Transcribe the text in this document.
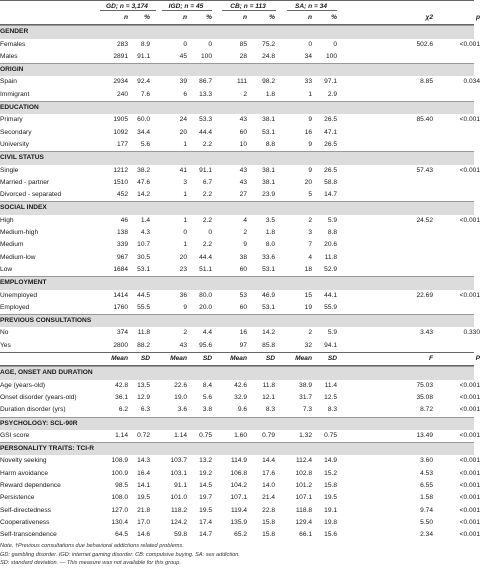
GD; n = 3,174	IGD; n = 45	CB; n = 113	SA; n = 34
n	%	n	%	n	%	n	%	χ2	p
GENDER
Females	283	8.9	0	0	85	75.2	0	0	502.6	<0.001
Males	2891	91.1	45	100	28	24.8	34	100
ORIGIN
Spain	2934	92.4	39	86.7	111	98.2	33	97.1	8.85	0.034
Immigrant	240	7.6	6	13.3	2	1.8	1	2.9
EDUCATION
Primary	1905	60.0	24	53.3	43	38.1	9	26.5	85.40	<0.001
Secondary	1092	34.4	20	44.4	60	53.1	16	47.1
University	177	5.6	1	2.2	10	8.8	9	26.5
CIVIL STATUS
Single	1212	38.2	41	91.1	43	38.1	9	26.5	57.43	<0.001
Married - partner	1510	47.6	3	6.7	43	38.1	20	58.8
Divorced - separated	452	14.2	1	2.2	27	23.9	5	14.7
SOCIAL INDEX
High	46	1.4	1	2.2	4	3.5	2	5.9	24.52	<0.001
Medium-high	138	4.3	0	0	2	1.8	3	8.8
Medium	339	10.7	1	2.2	9	8.0	7	20.6
Medium-low	967	30.5	20	44.4	38	33.6	4	11.8
Low	1684	53.1	23	51.1	60	53.1	18	52.9
EMPLOYMENT
Unemployed	1414	44.5	36	80.0	53	46.9	15	44.1	22.69	<0.001
Employed	1760	55.5	9	20.0	60	53.1	19	55.9
PREVIOUS CONSULTATIONS
No	374	11.8	2	4.4	16	14.2	2	5.9	3.43	0.330
Yes	2800	88.2	43	95.6	97	85.8	32	94.1
Mean	SD	Mean	SD	Mean	SD	Mean	SD	F	P
AGE, ONSET AND DURATION
Age (years-old)	42.8	13.5	22.6	8.4	42.6	11.8	38.9	11.4	75.03	<0.001
Onset disorder (years-old)	36.1	12.9	19.0	5.6	32.9	12.1	31.7	12.5	35.08	<0.001
Duration disorder (yrs)	6.2	6.3	3.6	3.8	9.6	8.3	7.3	8.3	8.72	<0.001
PSYCHOLOGY: SCL-90R
GSI score	1.14	0.72	1.14	0.75	1.60	0.79	1.32	0.75	13.49	<0.001
PERSONALITY TRAITS: TCI-R
Novelty seeking	108.9	14.3	103.7	13.2	114.9	14.4	112.4	14.9	3.60	<0.001
Harm avoidance	100.9	16.4	103.1	19.2	106.8	17.6	102.8	15.2	4.53	<0.001
Reward dependence	98.5	14.1	91.1	14.5	104.2	14.0	101.2	15.8	6.55	<0.001
Persistence	108.0	19.5	101.0	19.7	107.1	21.4	107.1	19.5	1.58	<0.001
Self-directedness	127.0	21.8	118.2	19.5	119.4	22.8	118.8	19.1	9.74	<0.001
Cooperativeness	130.4	17.0	124.2	17.4	135.9	15.8	129.4	19.8	5.50	<0.001
Self-transcendence	64.5	14.6	59.8	14.7	65.2	15.8	66.1	15.6	2.34	<0.001
Note. †Previous consultations due behavioral addictions related problems.
GD: gambling disorder. IGD: internet gaming disorder. CB: compulsive buying. SA: sex addiction.
SD: standard deviation. — This measure was not available for this group.
